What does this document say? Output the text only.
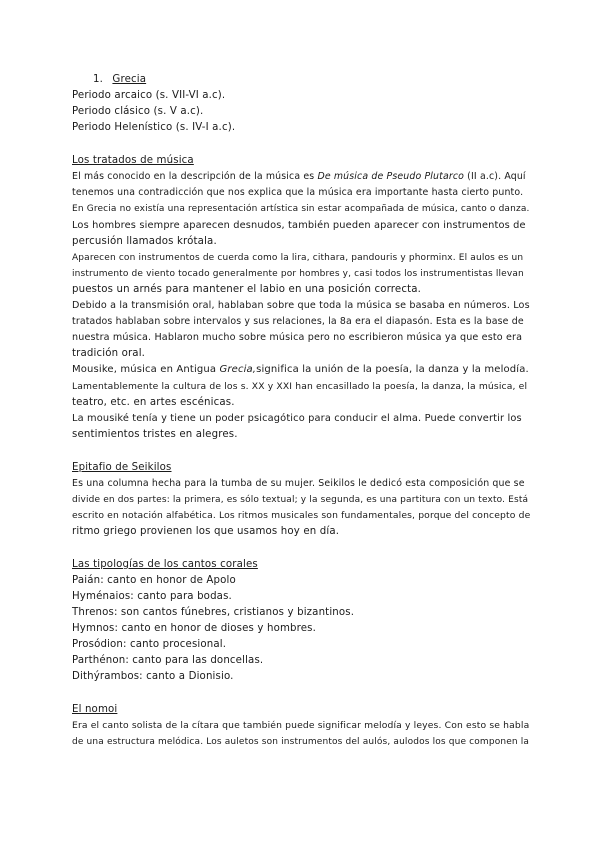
1. Grecia
Periodo arcaico (s. VII-VI a.c).
Periodo clásico (s. V a.c).
Periodo Helenístico (s. IV-I a.c).
Los tratados de música
El más conocido en la descripción de la música es De música de Pseudo Plutarco (II a.c). Aquí
tenemos una contradicción que nos explica que la música era importante hasta cierto punto.
En Grecia no existía una representación artística sin estar acompañada de música, canto o danza.
Los hombres siempre aparecen desnudos, también pueden aparecer con instrumentos de
percusión llamados krótala.
Aparecen con instrumentos de cuerda como la lira, cithara, pandouris y phorminx. El aulos es un
instrumento de viento tocado generalmente por hombres y, casi todos los instrumentistas llevan
puestos un arnés para mantener el labio en una posición correcta.
Debido a la transmisión oral, hablaban sobre que toda la música se basaba en números. Los
tratados hablaban sobre intervalos y sus relaciones, la 8a era el diapasón. Esta es la base de
nuestra música. Hablaron mucho sobre música pero no escribieron música ya que esto era
tradición oral.
Mousike, música en Antigua Grecia,significa la unión de la poesía, la danza y la melodía.
Lamentablemente la cultura de los s. XX y XXI han encasillado la poesía, la danza, la música, el
teatro, etc. en artes escénicas.
La mousiké tenía y tiene un poder psicagótico para conducir el alma. Puede convertir los
sentimientos tristes en alegres.
Epitafio de Seikilos
Es una columna hecha para la tumba de su mujer. Seikilos le dedicó esta composición que se
divide en dos partes: la primera, es sólo textual; y la segunda, es una partitura con un texto. Está
escrito en notación alfabética. Los ritmos musicales son fundamentales, porque del concepto de
ritmo griego provienen los que usamos hoy en día.
Las tipologías de los cantos corales
Paián: canto en honor de Apolo
Hyménaios: canto para bodas.
Threnos: son cantos fúnebres, cristianos y bizantinos.
Hymnos: canto en honor de dioses y hombres.
Prosódion: canto procesional.
Parthénon: canto para las doncellas.
Dithýrambos: canto a Dionisio.
El nomoi
Era el canto solista de la cítara que también puede significar melodía y leyes. Con esto se habla
de una estructura melódica. Los auletos son instrumentos del aulós, aulodos los que componen la
